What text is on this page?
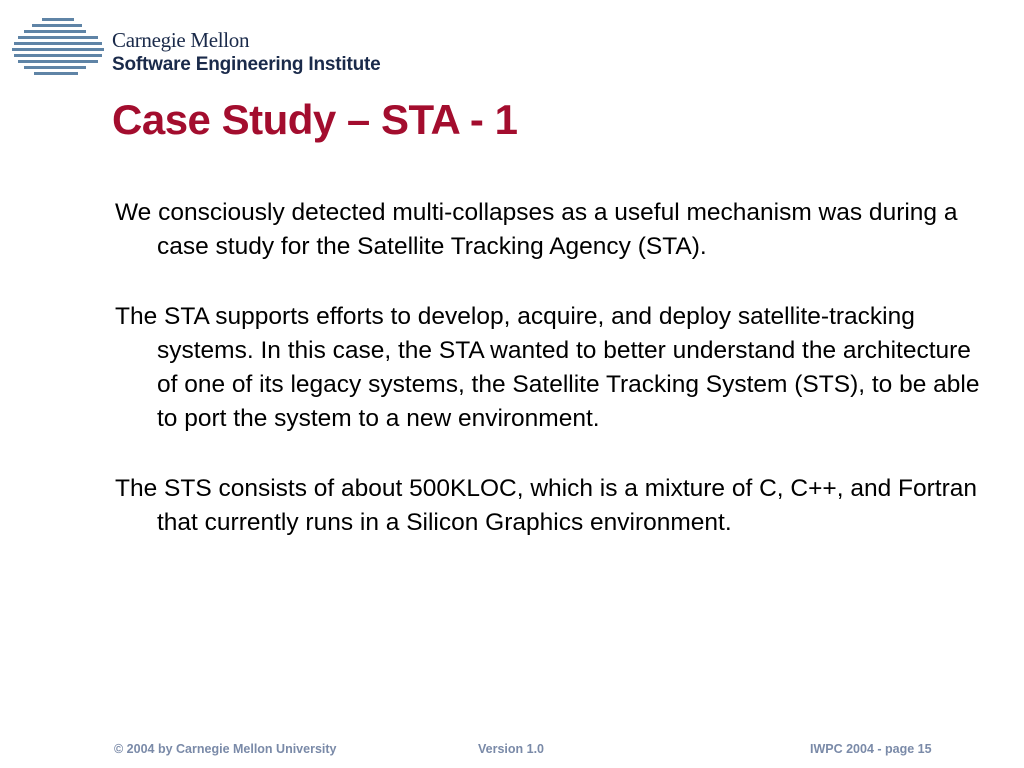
Carnegie Mellon
Software Engineering Institute
Case Study – STA - 1

We consciously detected multi-collapses as a useful mechanism was during a case study for the Satellite Tracking Agency (STA).

The STA supports efforts to develop, acquire, and deploy satellite-tracking systems. In this case, the STA wanted to better understand the architecture of one of its legacy systems, the Satellite Tracking System (STS), to be able to port the system to a new environment.

The STS consists of about 500KLOC, which is a mixture of C, C++, and Fortran that currently runs in a Silicon Graphics environment.

© 2004 by Carnegie Mellon University	Version 1.0	IWPC 2004 - page 15
